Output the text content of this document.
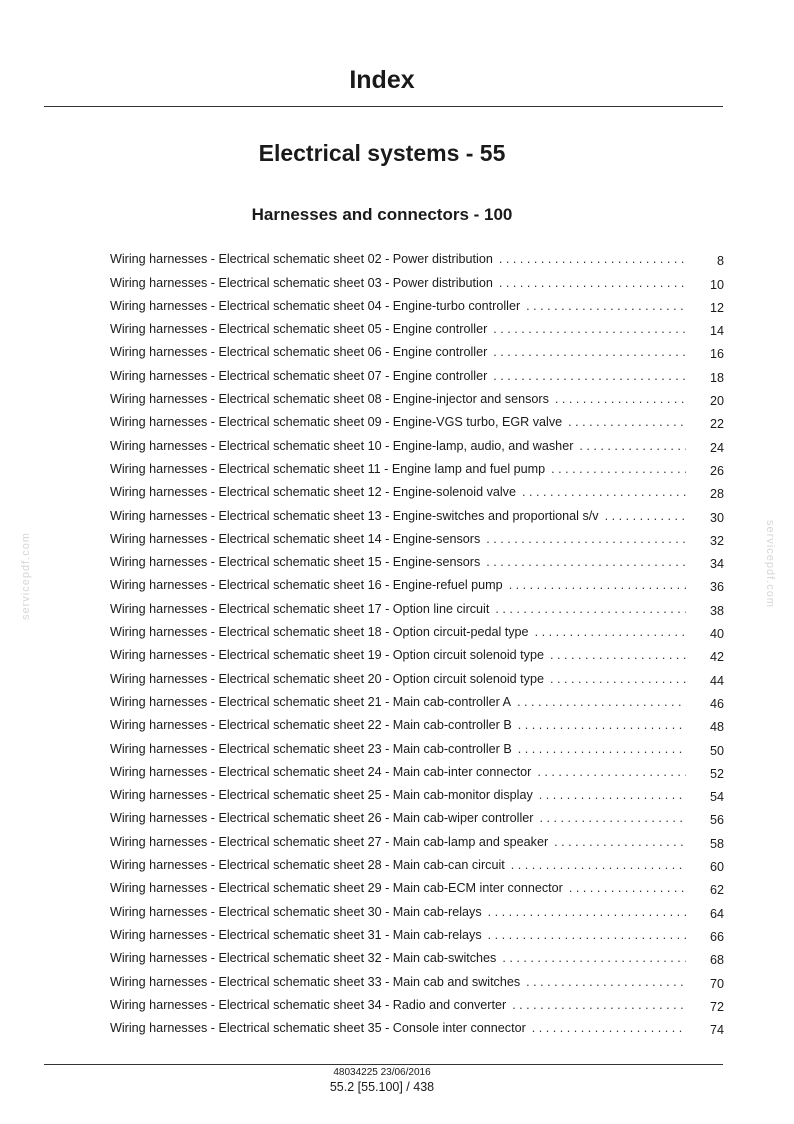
Index
Electrical systems - 55
Harnesses and connectors - 100
Wiring harnesses - Electrical schematic sheet 02 - Power distribution . . .	8
Wiring harnesses - Electrical schematic sheet 03 - Power distribution . . .	10
Wiring harnesses - Electrical schematic sheet 04 - Engine-turbo controller . . .	12
Wiring harnesses - Electrical schematic sheet 05 - Engine controller . . .	14
Wiring harnesses - Electrical schematic sheet 06 - Engine controller . . .	16
Wiring harnesses - Electrical schematic sheet 07 - Engine controller . . .	18
Wiring harnesses - Electrical schematic sheet 08 - Engine-injector and sensors . . .	20
Wiring harnesses - Electrical schematic sheet 09 - Engine-VGS turbo, EGR valve . . .	22
Wiring harnesses - Electrical schematic sheet 10 - Engine-lamp, audio, and washer . . .	24
Wiring harnesses - Electrical schematic sheet 11 - Engine lamp and fuel pump . . .	26
Wiring harnesses - Electrical schematic sheet 12 - Engine-solenoid valve . . .	28
Wiring harnesses - Electrical schematic sheet 13 - Engine-switches and proportional s/v . . .	30
Wiring harnesses - Electrical schematic sheet 14 - Engine-sensors . . .	32
Wiring harnesses - Electrical schematic sheet 15 - Engine-sensors . . .	34
Wiring harnesses - Electrical schematic sheet 16 - Engine-refuel pump . . .	36
Wiring harnesses - Electrical schematic sheet 17 - Option line circuit . . .	38
Wiring harnesses - Electrical schematic sheet 18 - Option circuit-pedal type . . .	40
Wiring harnesses - Electrical schematic sheet 19 - Option circuit solenoid type . . .	42
Wiring harnesses - Electrical schematic sheet 20 - Option circuit solenoid type . . .	44
Wiring harnesses - Electrical schematic sheet 21 - Main cab-controller A . . .	46
Wiring harnesses - Electrical schematic sheet 22 - Main cab-controller B . . .	48
Wiring harnesses - Electrical schematic sheet 23 - Main cab-controller B . . .	50
Wiring harnesses - Electrical schematic sheet 24 - Main cab-inter connector . . .	52
Wiring harnesses - Electrical schematic sheet 25 - Main cab-monitor display . . .	54
Wiring harnesses - Electrical schematic sheet 26 - Main cab-wiper controller . . .	56
Wiring harnesses - Electrical schematic sheet 27 - Main cab-lamp and speaker . . .	58
Wiring harnesses - Electrical schematic sheet 28 - Main cab-can circuit . . .	60
Wiring harnesses - Electrical schematic sheet 29 - Main cab-ECM inter connector . . .	62
Wiring harnesses - Electrical schematic sheet 30 - Main cab-relays . . .	64
Wiring harnesses - Electrical schematic sheet 31 - Main cab-relays . . .	66
Wiring harnesses - Electrical schematic sheet 32 - Main cab-switches . . .	68
Wiring harnesses - Electrical schematic sheet 33 - Main cab and switches . . .	70
Wiring harnesses - Electrical schematic sheet 34 - Radio and converter . . .	72
Wiring harnesses - Electrical schematic sheet 35 - Console inter connector . . .	74
48034225 23/06/2016
55.2 [55.100] / 438
servicepdf.com	servicepdf.com
